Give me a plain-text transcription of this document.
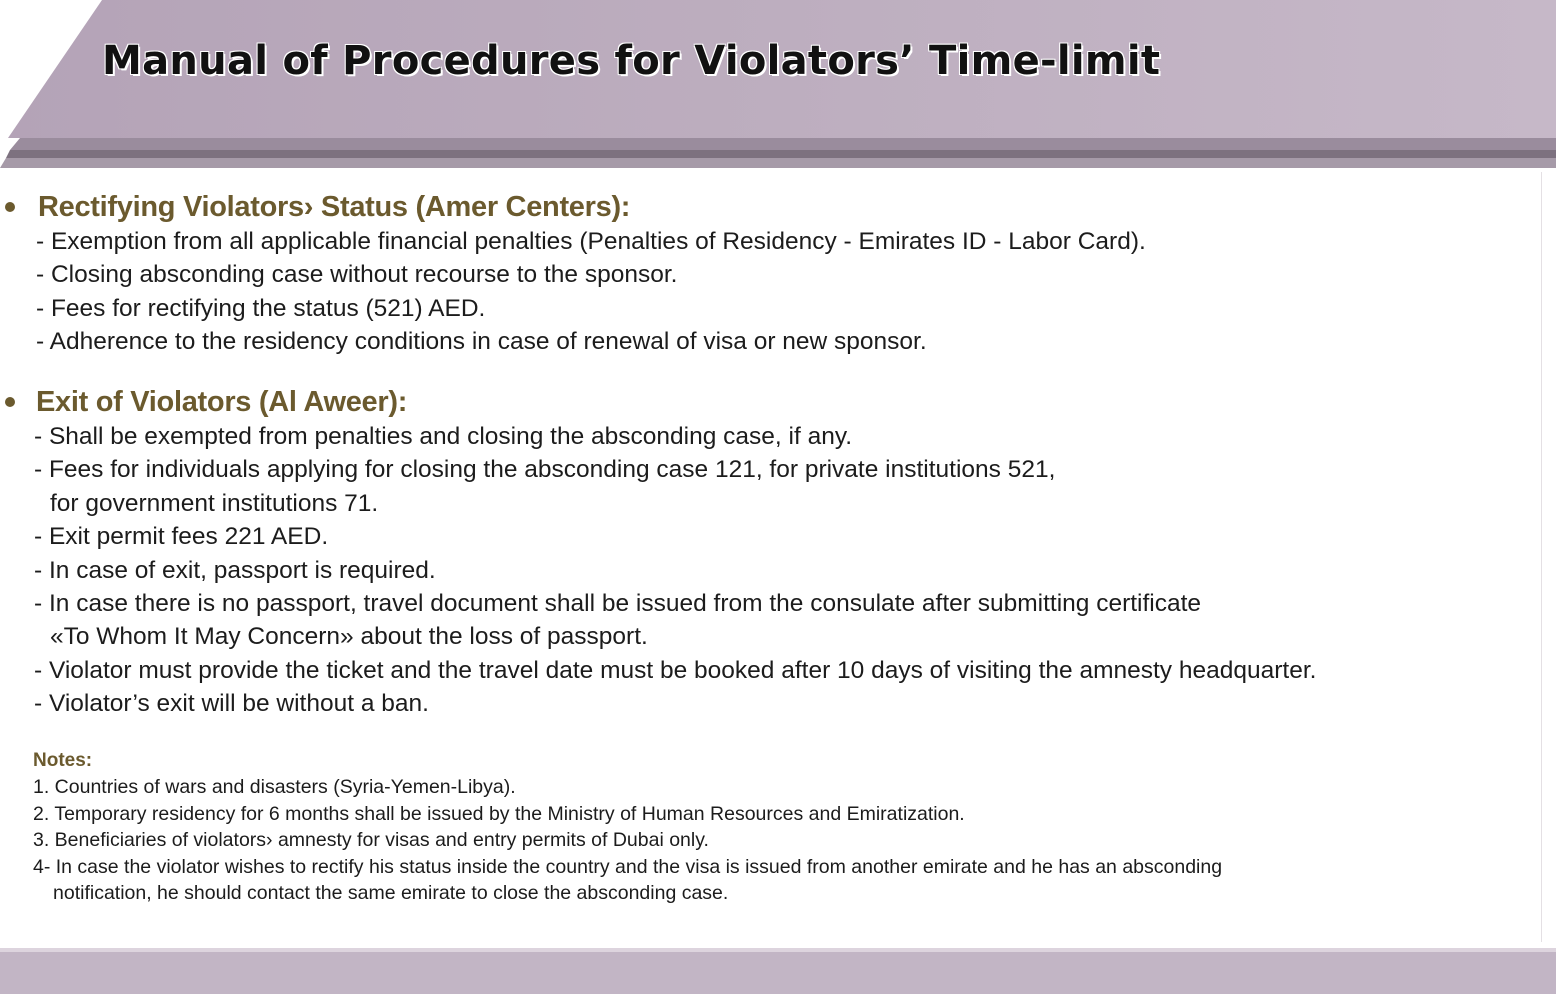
Manual of Procedures for Violators’ Time-limit
Rectifying Violators› Status (Amer Centers):
- Exemption from all applicable financial penalties (Penalties of Residency - Emirates ID - Labor Card).
- Closing absconding case without recourse to the sponsor.
- Fees for rectifying the status (521) AED.
- Adherence to the residency conditions in case of renewal of visa or new sponsor.
Exit of Violators (Al Aweer):
- Shall be exempted from penalties and closing the absconding case, if any.
- Fees for individuals applying for closing the absconding case 121, for private institutions 521,
for government institutions 71.
- Exit permit fees 221 AED.
- In case of exit, passport is required.
- In case there is no passport, travel document shall be issued from the consulate after submitting certificate
«To Whom It May Concern» about the loss of passport.
- Violator must provide the ticket and the travel date must be booked after 10 days of visiting the amnesty headquarter.
- Violator’s exit will be without a ban.
Notes:
1. Countries of wars and disasters (Syria-Yemen-Libya).
2. Temporary residency for 6 months shall be issued by the Ministry of Human Resources and Emiratization.
3. Beneficiaries of violators› amnesty for visas and entry permits of Dubai only.
4- In case the violator wishes to rectify his status inside the country and the visa is issued from another emirate and he has an absconding
notification, he should contact the same emirate to close the absconding case.
